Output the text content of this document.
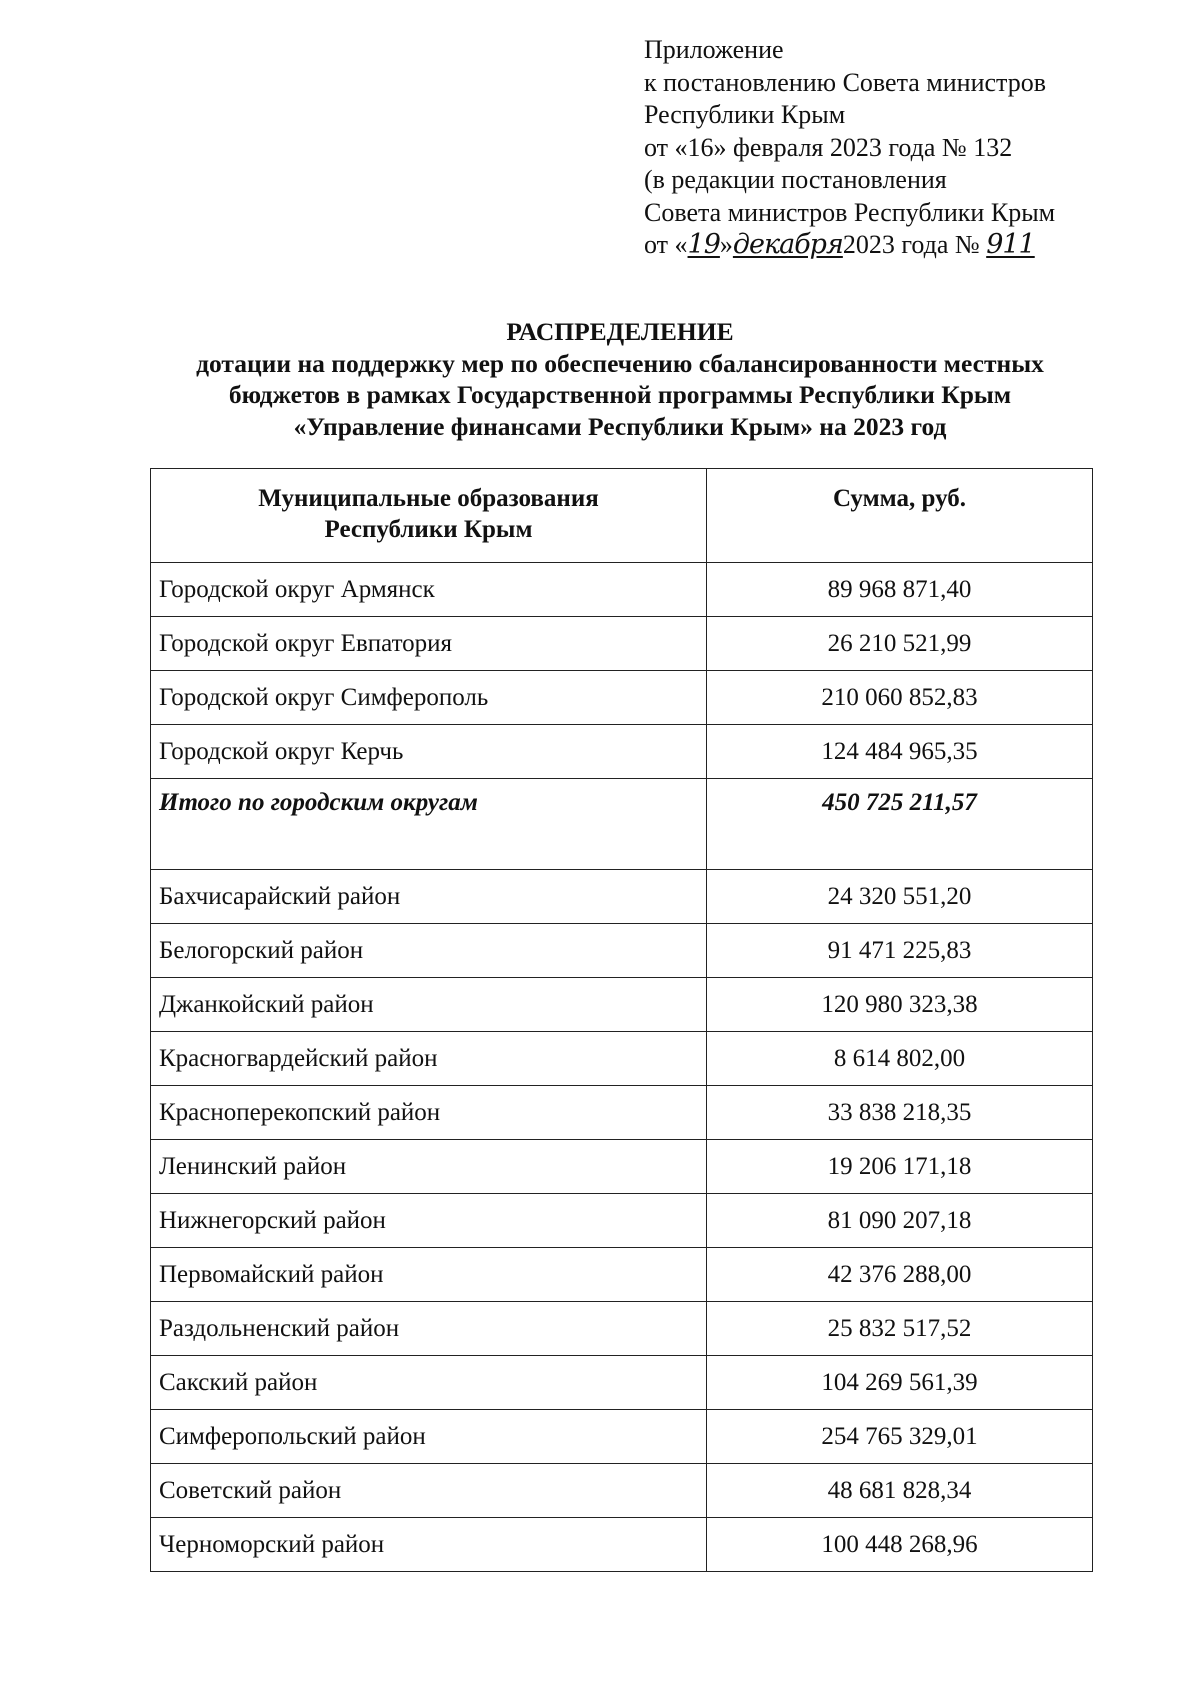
Приложение
к постановлению Совета министров
Республики Крым
от «16» февраля 2023 года № 132
(в редакции постановления
Совета министров Республики Крым
от «19»декабря2023 года № 911
РАСПРЕДЕЛЕНИЕ
дотации на поддержку мер по обеспечению сбалансированности местных
бюджетов в рамках Государственной программы Республики Крым
«Управление финансами Республики Крым» на 2023 год
Муниципальные образования
Республики Крым	Сумма, руб.
Городской округ Армянск	89 968 871,40
Городской округ Евпатория	26 210 521,99
Городской округ Симферополь	210 060 852,83
Городской округ Керчь	124 484 965,35
Итого по городским округам	450 725 211,57
Бахчисарайский район	24 320 551,20
Белогорский район	91 471 225,83
Джанкойский район	120 980 323,38
Красногвардейский район	8 614 802,00
Красноперекопский район	33 838 218,35
Ленинский район	19 206 171,18
Нижнегорский район	81 090 207,18
Первомайский район	42 376 288,00
Раздольненский район	25 832 517,52
Сакский район	104 269 561,39
Симферопольский район	254 765 329,01
Советский район	48 681 828,34
Черноморский район	100 448 268,96
